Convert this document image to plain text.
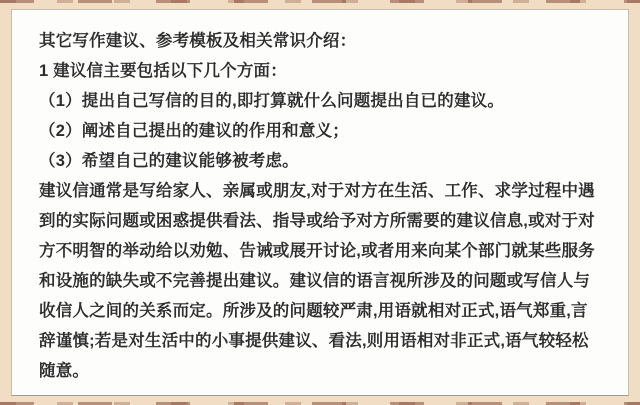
其它写作建议、参考模板及相关常识介绍：
1 建议信主要包括以下几个方面：
（1）提出自己写信的目的,即打算就什么问题提出自已的建议。
（2）阐述自己提出的建议的作用和意义；
（3）希望自己的建议能够被考虑。
建议信通常是写给家人、亲属或朋友,对于对方在生活、工作、求学过程中遇
到的实际问题或困惑提供看法、指导或给予对方所需要的建议信息,或对于对
方不明智的举动给以劝勉、告诫或展开讨论,或者用来向某个部门就某些服务
和设施的缺失或不完善提出建议。建议信的语言视所涉及的问题或写信人与
收信人之间的关系而定。所涉及的问题较严肃,用语就相对正式,语气郑重,言
辞谨慎;若是对生活中的小事提供建议、看法,则用语相对非正式,语气较轻松
随意。
